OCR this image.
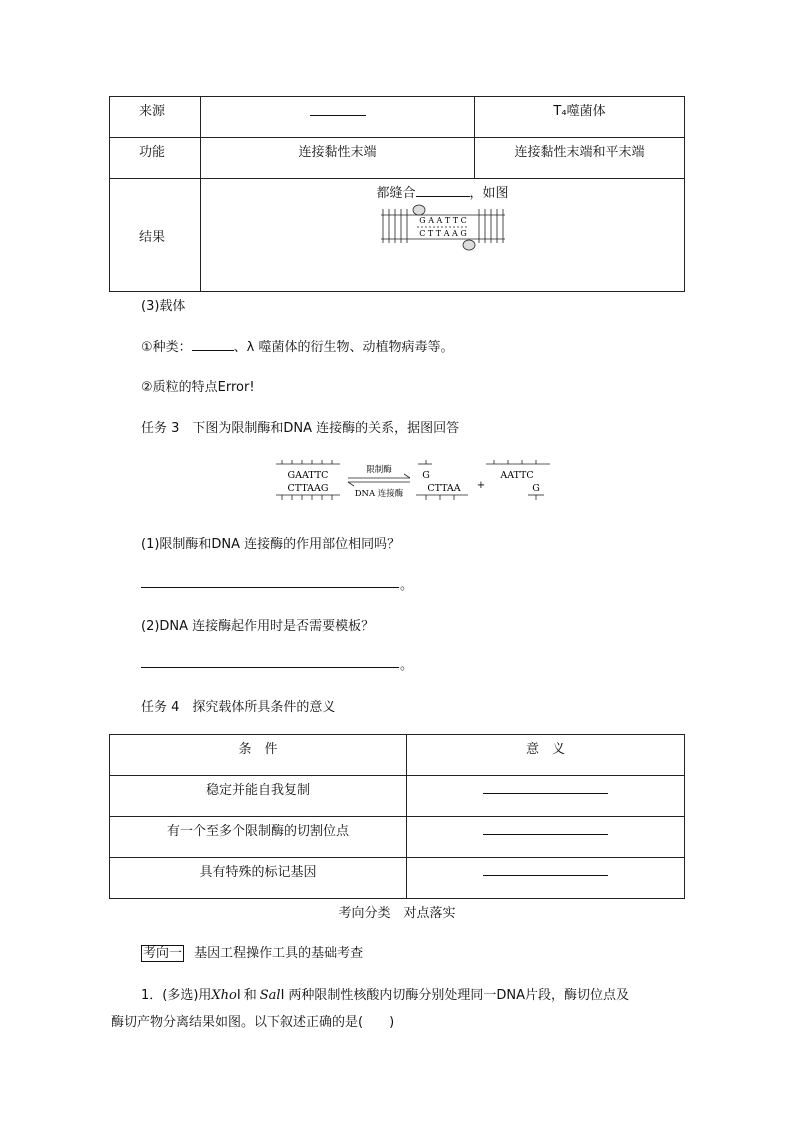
来源		T₄噬菌体

功能	连接黏性末端	连接黏性末端和平末端

结果	都缝合 ，如图
G A A T T C
C T T A A G	
(3)载体
①种类：	、λ 噬菌体的衍生物、动植物病毒等。
②质粒的特点Error!
任务 3　下图为限制酶和DNA 连接酶的关系，据图回答
GAATTC
CTTAAG
限制酶
DNA 连接酶
G
CTTAA +
AATTC
G
(1)限制酶和DNA 连接酶的作用部位相同吗？
。
(2)DNA 连接酶起作用时是否需要模板？
。
任务 4　探究载体所具条件的意义
条　件	意　义

稳定并能自我复制	

有一个至多个限制酶的切割位点	

具有特殊的标记基因	

考向分类　对点落实
考向一 基因工程操作工具的基础考查
1．(多选)用XhoⅠ 和 SalⅠ 两种限制性核酸内切酶分别处理同一DNA片段，酶切位点及
酶切产物分离结果如图。以下叙述正确的是(　　)
